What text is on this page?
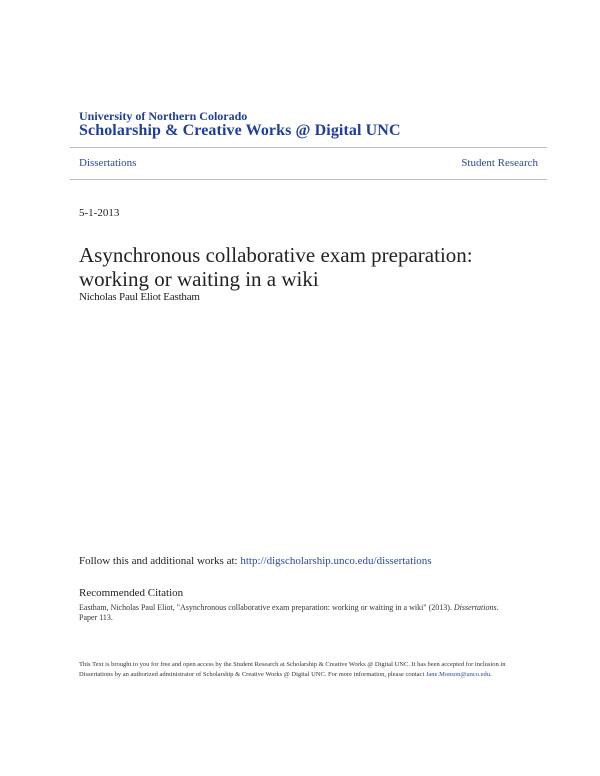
University of Northern Colorado
Scholarship & Creative Works @ Digital UNC
Dissertations	Student Research
5-1-2013
Asynchronous collaborative exam preparation: working or waiting in a wiki
Nicholas Paul Eliot Eastham
Follow this and additional works at: http://digscholarship.unco.edu/dissertations
Recommended Citation
Eastham, Nicholas Paul Eliot, "Asynchronous collaborative exam preparation: working or waiting in a wiki" (2013). Dissertations. Paper 113.
This Text is brought to you for free and open access by the Student Research at Scholarship & Creative Works @ Digital UNC. It has been accepted for inclusion in Dissertations by an authorized administrator of Scholarship & Creative Works @ Digital UNC. For more information, please contact Jane.Monson@unco.edu.
